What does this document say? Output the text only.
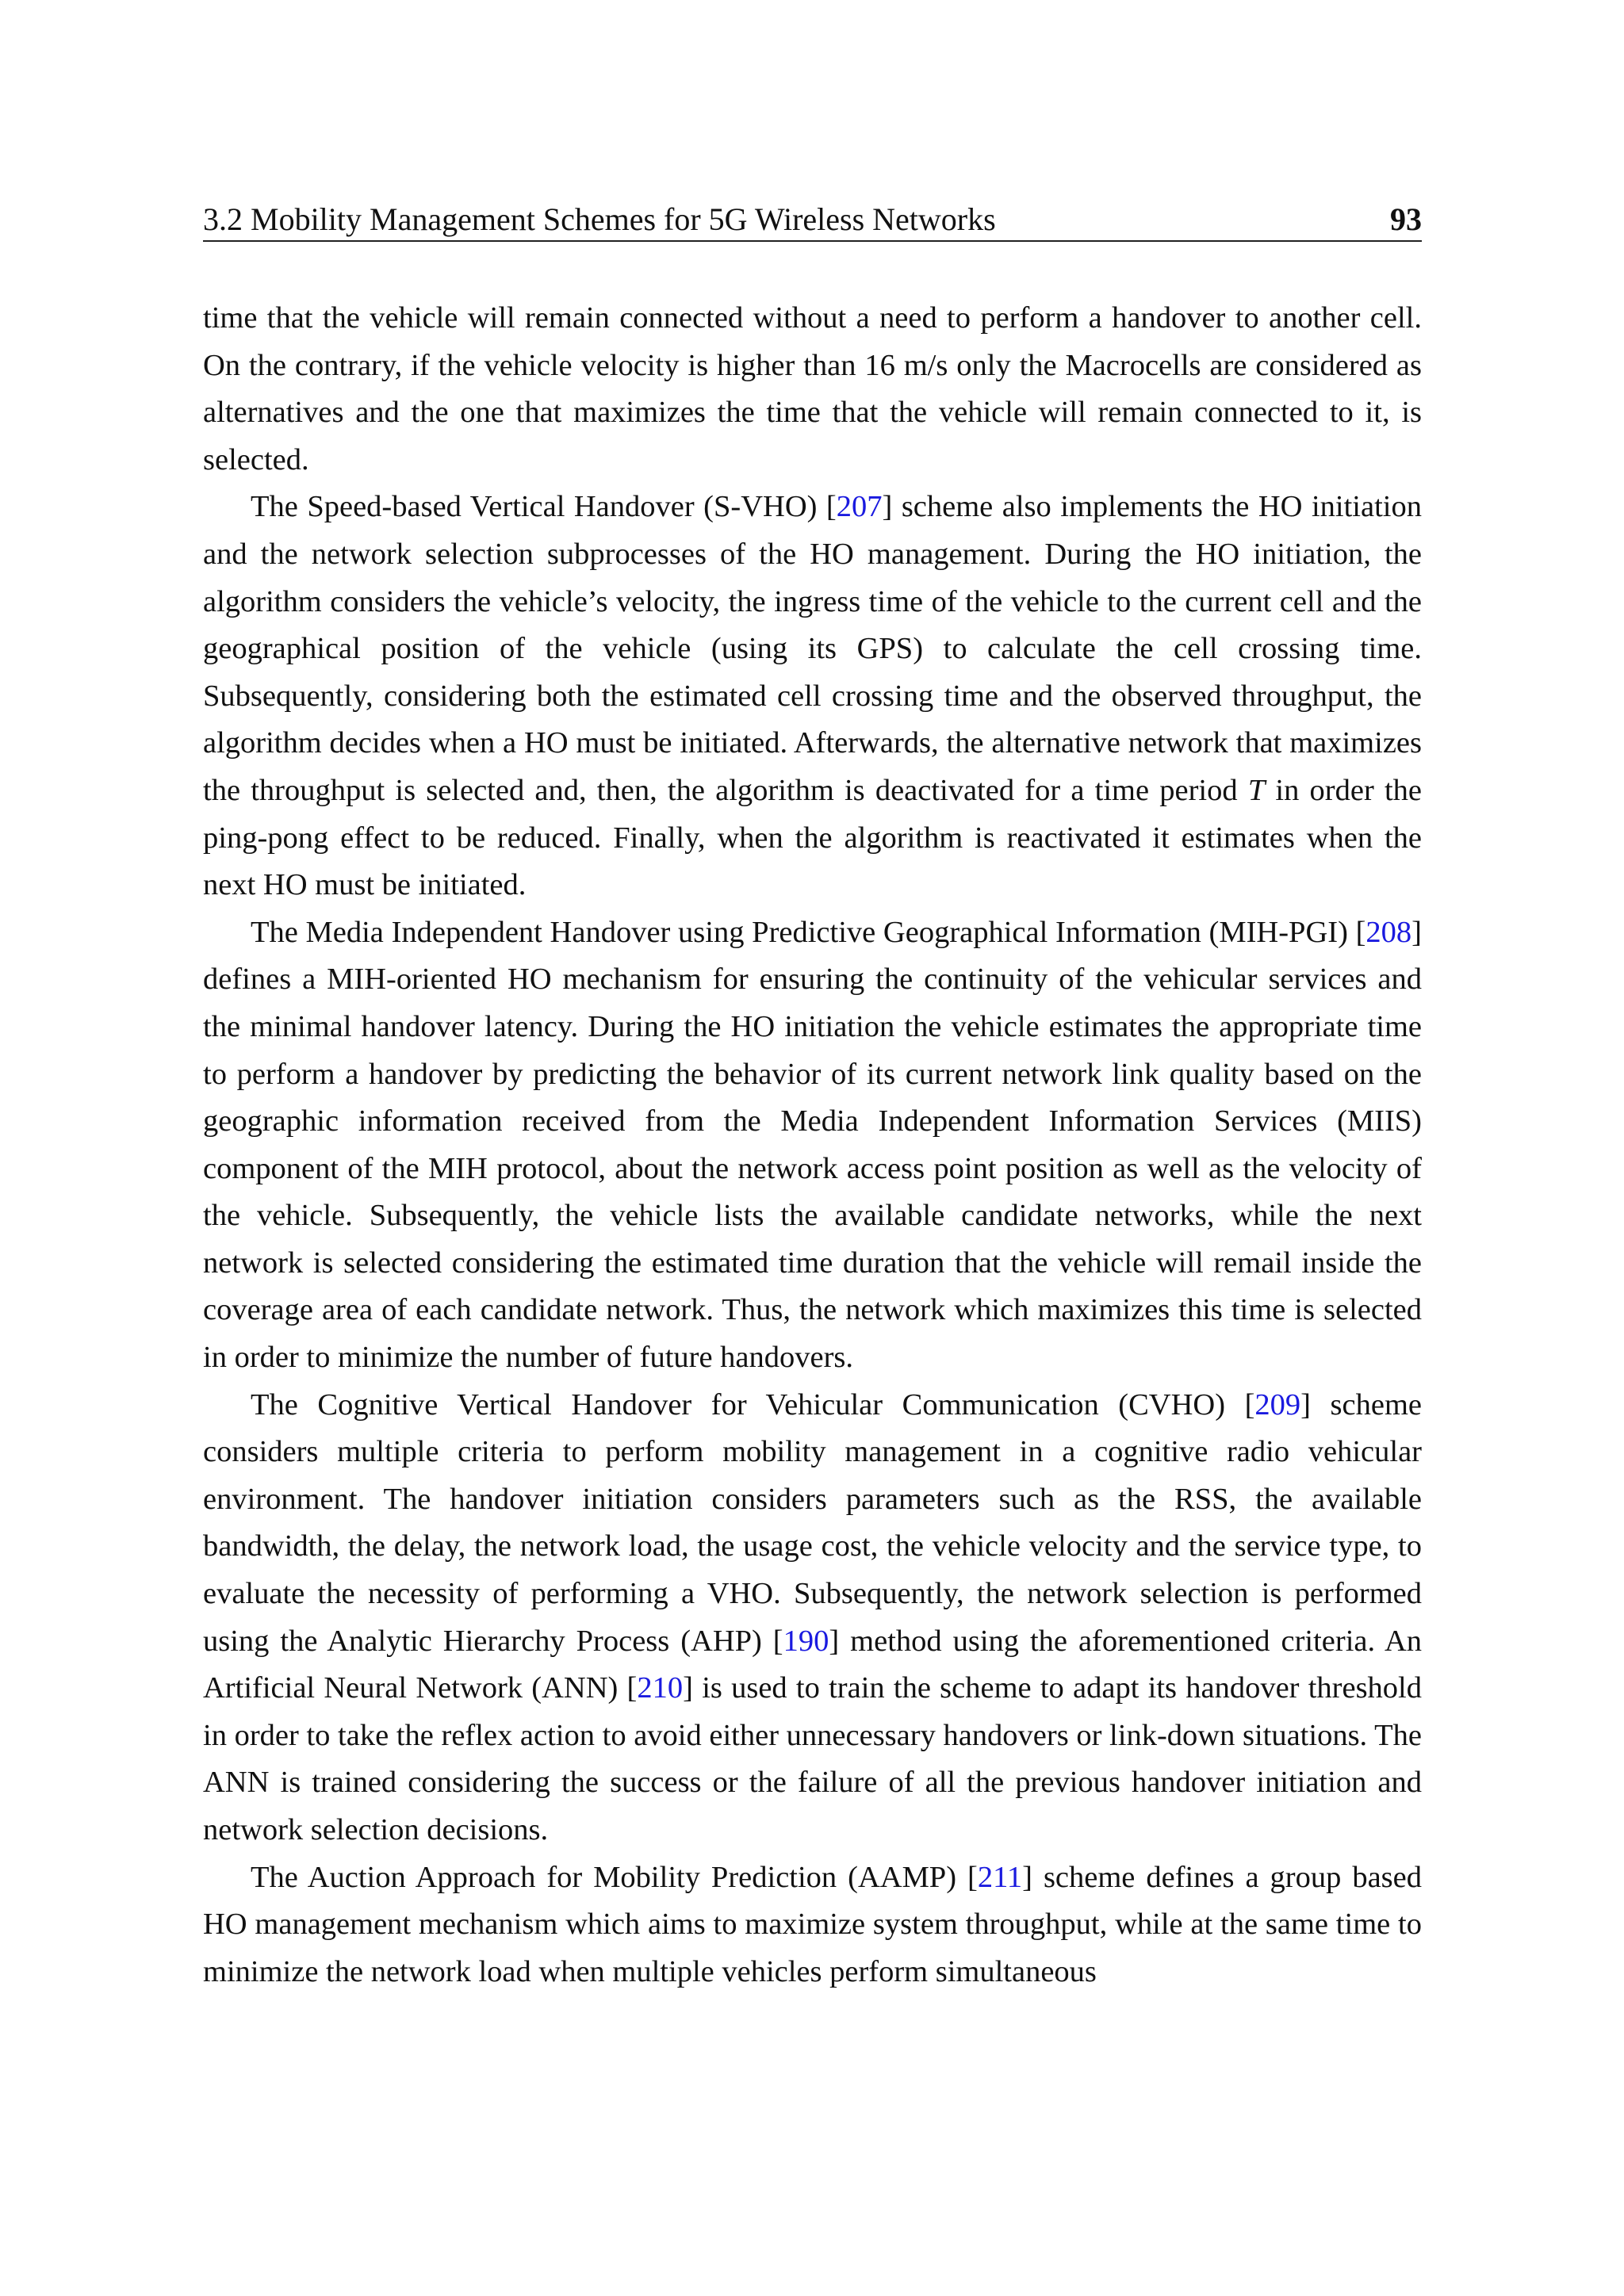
3.2 Mobility Management Schemes for 5G Wireless Networks	93

time that the vehicle will remain connected without a need to perform a handover to another cell. On the contrary, if the vehicle velocity is higher than 16 m/s only the Macrocells are considered as alternatives and the one that maximizes the time that the vehicle will remain connected to it, is selected.

The Speed-based Vertical Handover (S-VHO) [207] scheme also implements the HO initiation and the network selection subprocesses of the HO management. During the HO initiation, the algorithm considers the vehicle’s velocity, the ingress time of the vehicle to the current cell and the geographical position of the vehicle (using its GPS) to calculate the cell crossing time. Subsequently, considering both the estimated cell crossing time and the observed throughput, the algorithm decides when a HO must be initiated. Afterwards, the alternative network that maximizes the throughput is selected and, then, the algorithm is deactivated for a time period T in order the ping-pong effect to be reduced. Finally, when the algorithm is reactivated it estimates when the next HO must be initiated.

The Media Independent Handover using Predictive Geographical Information (MIH-PGI) [208] defines a MIH-oriented HO mechanism for ensuring the continuity of the vehicular services and the minimal handover latency. During the HO initiation the vehicle estimates the appropriate time to perform a handover by predicting the behavior of its current network link quality based on the geographic information received from the Media Independent Information Services (MIIS) component of the MIH protocol, about the network access point position as well as the velocity of the vehicle. Subsequently, the vehicle lists the available candidate networks, while the next network is selected considering the estimated time duration that the vehicle will remail inside the coverage area of each candidate network. Thus, the network which maximizes this time is selected in order to minimize the number of future handovers.

The Cognitive Vertical Handover for Vehicular Communication (CVHO) [209] scheme considers multiple criteria to perform mobility management in a cognitive radio vehicular environment. The handover initiation considers parameters such as the RSS, the available bandwidth, the delay, the network load, the usage cost, the vehicle velocity and the service type, to evaluate the necessity of performing a VHO. Subsequently, the network selection is performed using the Analytic Hierarchy Process (AHP) [190] method using the aforementioned criteria. An Artificial Neural Network (ANN) [210] is used to train the scheme to adapt its handover threshold in order to take the reflex action to avoid either unnecessary handovers or link-down situations. The ANN is trained considering the success or the failure of all the previous handover initiation and network selection decisions.

The Auction Approach for Mobility Prediction (AAMP) [211] scheme defines a group based HO management mechanism which aims to maximize system throughput, while at the same time to minimize the network load when multiple vehicles perform simultaneous
